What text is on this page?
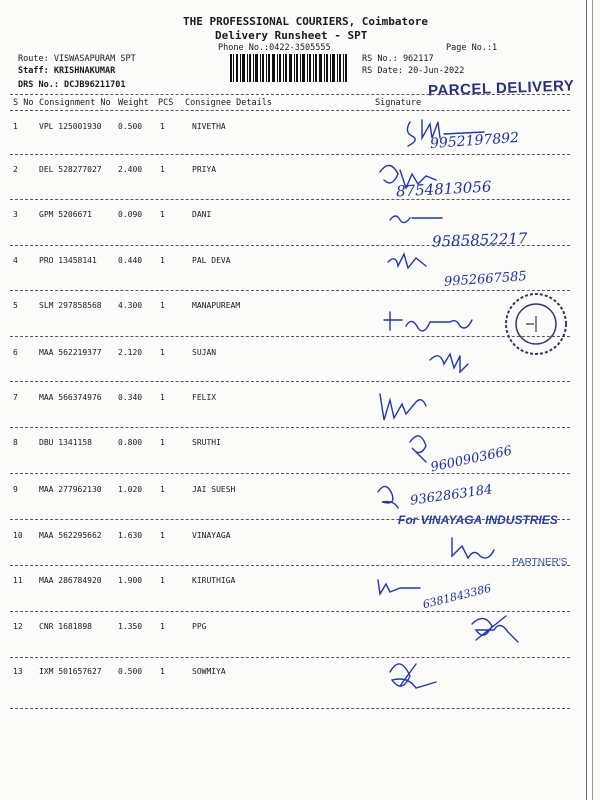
THE PROFESSIONAL COURIERS, Coimbatore
Delivery Runsheet - SPT
Phone No.:0422-3505555	Page No.:1
Route: VISWASAPURAM SPT
Staff: KRISHNAKUMAR
DRS No.: DCJB96211701
RS No.: 962117
RS Date: 20-Jun-2022
PARCEL DELIVERY
S No Consignment No Weight PCS Consignee Details	Signature
1	VPL 125001930 0.500 1	NIVETHA
2	DEL 528277027 2.400 1	PRIYA
3	GPM 5206671	0.090 1	DANI
4	PRO 13458141	0.440 1	PAL DEVA
5	SLM 297858568 4.300 1	MANAPUREAM
6	MAA 562219377 2.120 1	SUJAN
7	MAA 566374976 0.340 1	FELIX
8	DBU 1341158	0.800 1	SRUTHI
9	MAA 277962130 1.020 1	JAI SUESH
10 MAA 562295662 1.630 1	VINAYAGA
11 MAA 286784920 1.900 1	KIRUTHIGA
12 CNR 1681898	1.350 1	PPG
13 IXM 501657627 0.500 1	SOWMIYA
9952197892
8754813056
9585852217
9952667585
9600903666
9362863184
6381843386
For VINAYAGA INDUSTRIES
PARTNER'S
